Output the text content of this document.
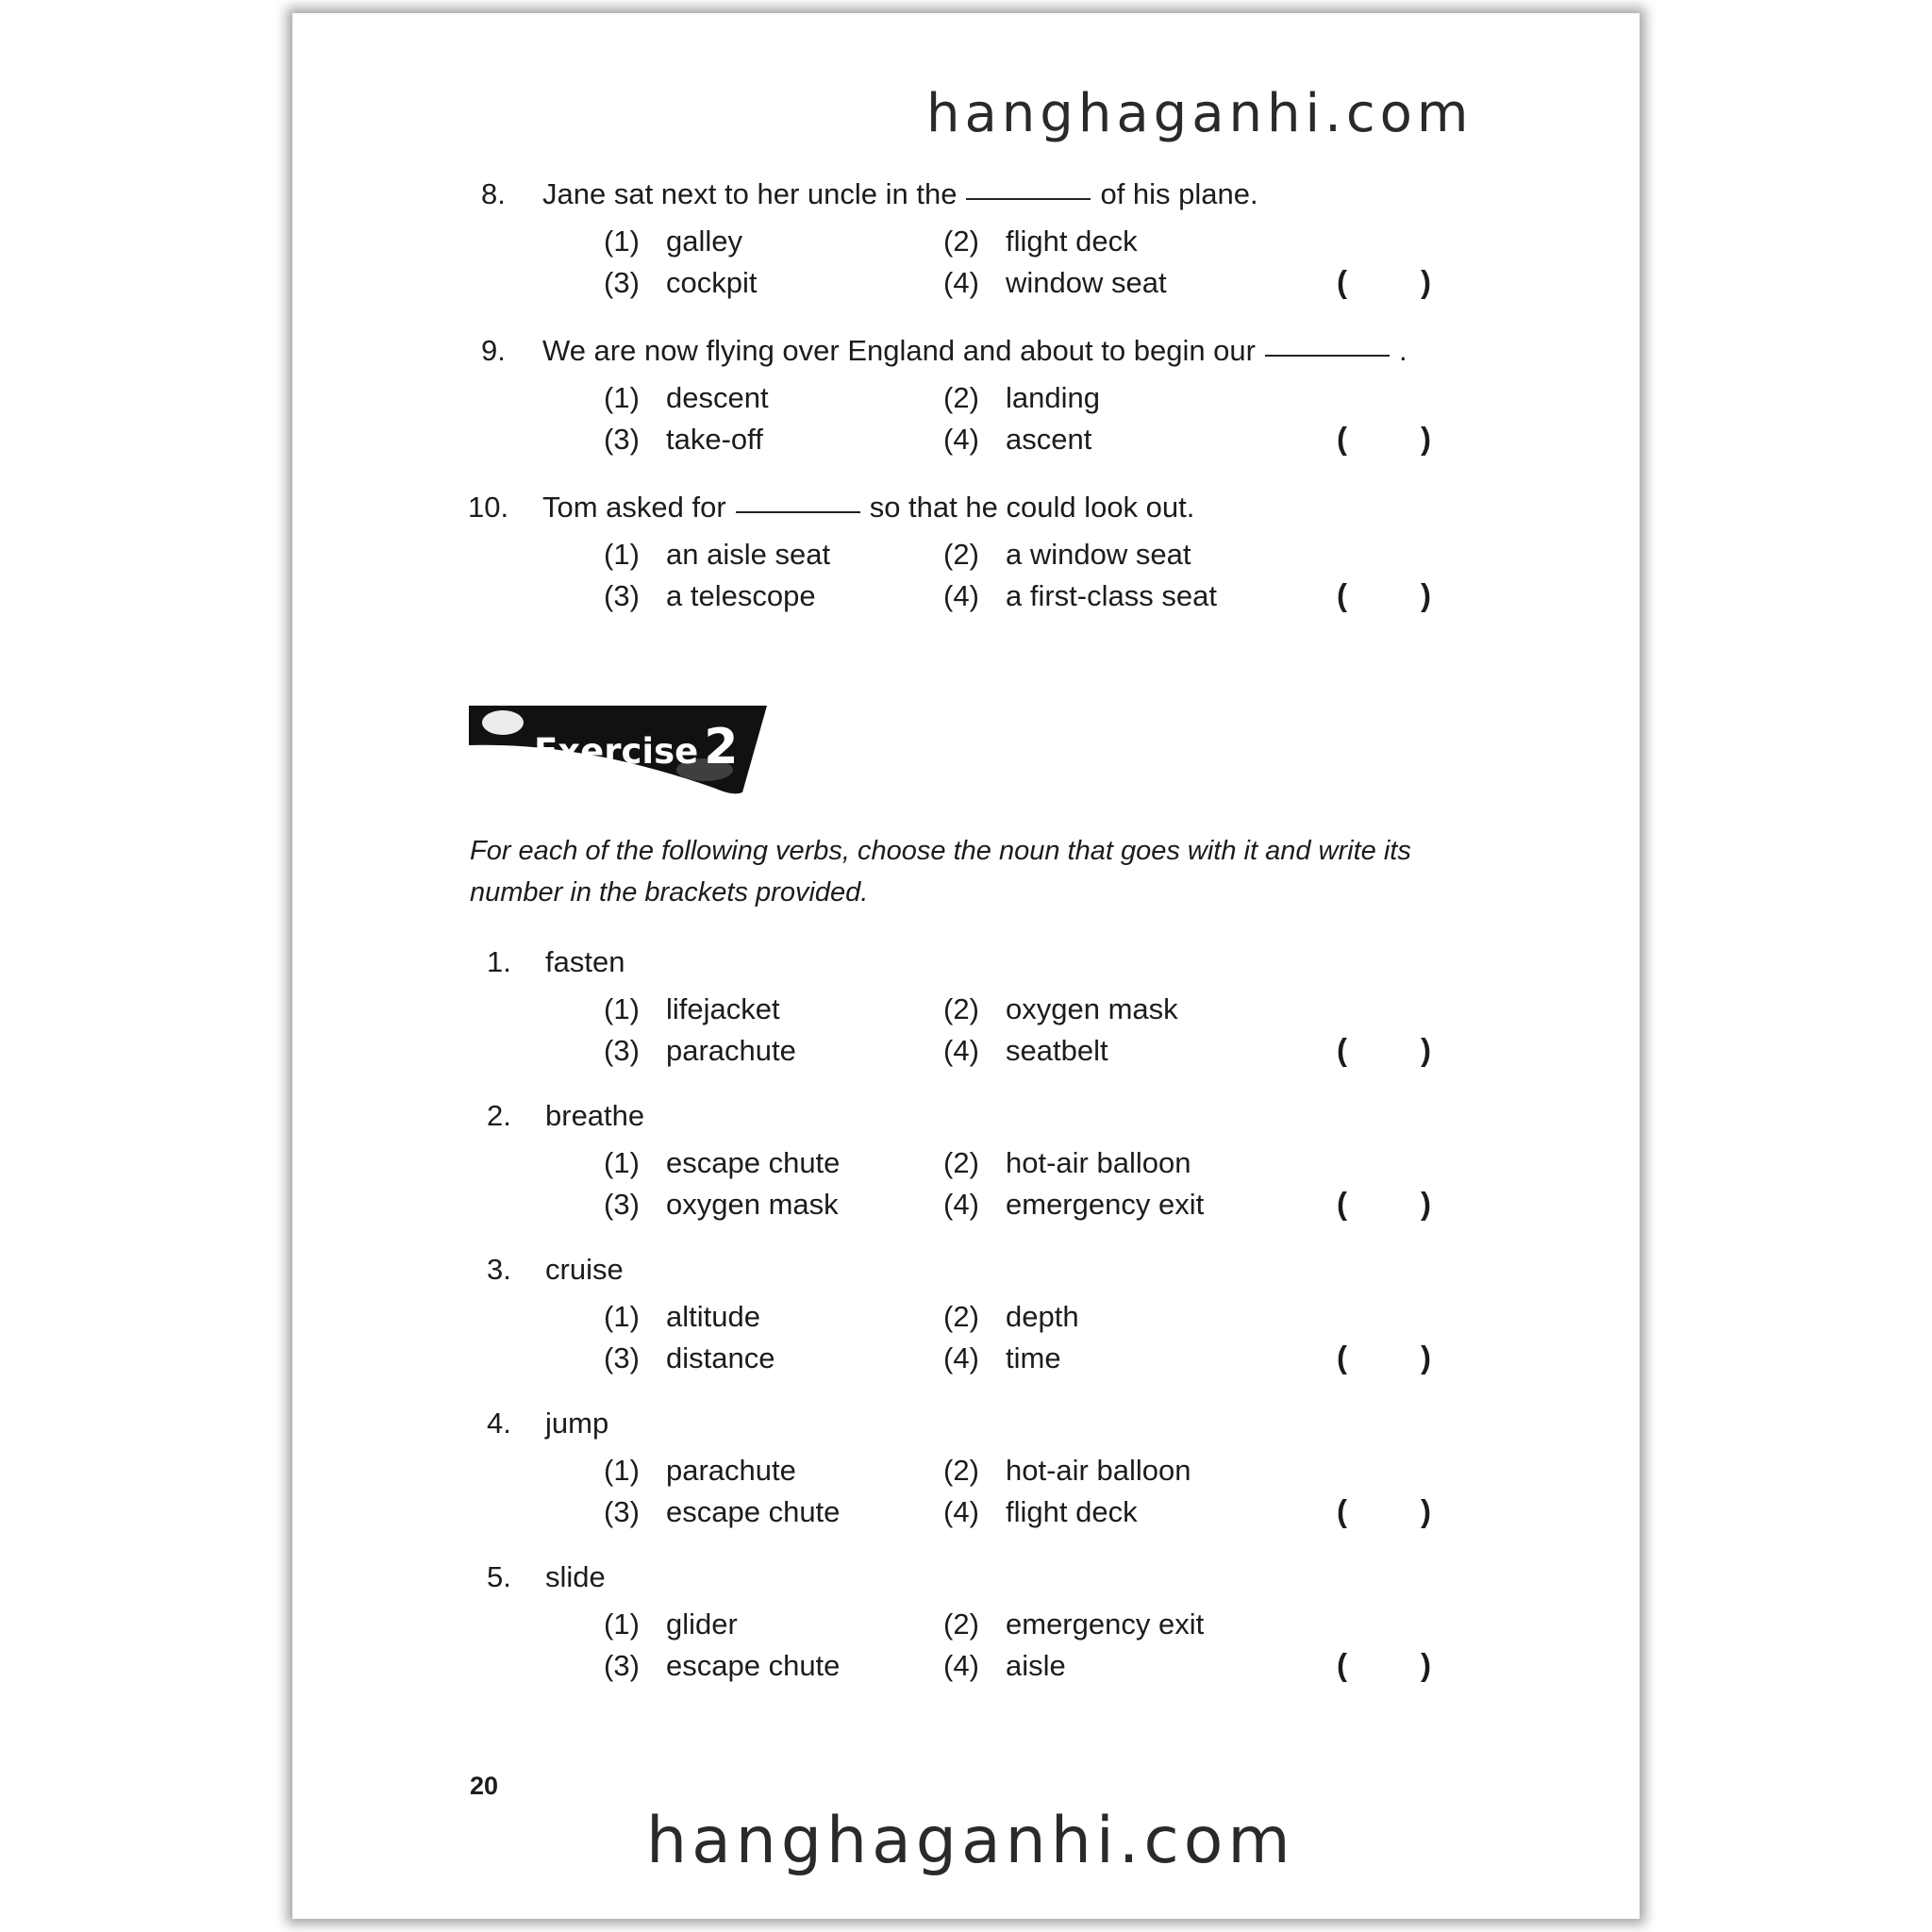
hanghaganhi.com
8. Jane sat next to her uncle in the	of his plane.
(1) galley	(2) flight deck
(3) cockpit	(4) window seat	( )
9. We are now flying over England and about to begin our	.
(1) descent	(2) landing
(3) take-off	(4) ascent	( )
10. Tom asked for	so that he could look out.
(1) an aisle seat	(2) a window seat
(3) a telescope	(4) a first-class seat	( )
1. fasten
(1) lifejacket	(2) oxygen mask
(3) parachute	(4) seatbelt	( )
2. breathe
(1) escape chute	(2) hot-air balloon
(3) oxygen mask	(4) emergency exit	( )
3. cruise
(1) altitude	(2) depth
(3) distance	(4) time	( )
4. jump
(1) parachute	(2) hot-air balloon
(3) escape chute	(4) flight deck	( )
5. slide
(1) glider	(2) emergency exit
(3) escape chute	(4) aisle	( )
Exercise 2
For each of the following verbs, choose the noun that goes with it and write its number in the brackets provided.
20
hanghaganhi.com
